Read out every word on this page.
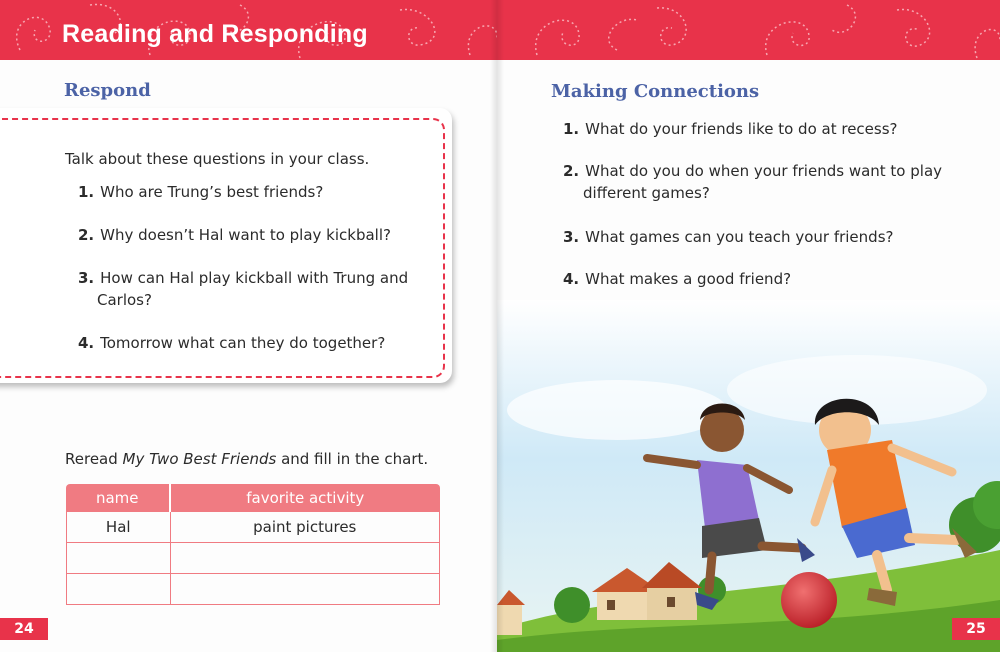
Reading and Responding
Respond
Talk about these questions in your class.
1. Who are Trung’s best friends?
2. Why doesn’t Hal want to play kickball?
3. How can Hal play kickball with Trung and
Carlos?
4. Tomorrow what can they do together?
Reread My Two Best Friends and fill in the chart.
name	favorite activity
Hal	paint pictures

24
Making Connections
25
1. What do your friends like to do at recess?
2. What do you do when your friends want to play
different games?
3. What games can you teach your friends?
4. What makes a good friend?
